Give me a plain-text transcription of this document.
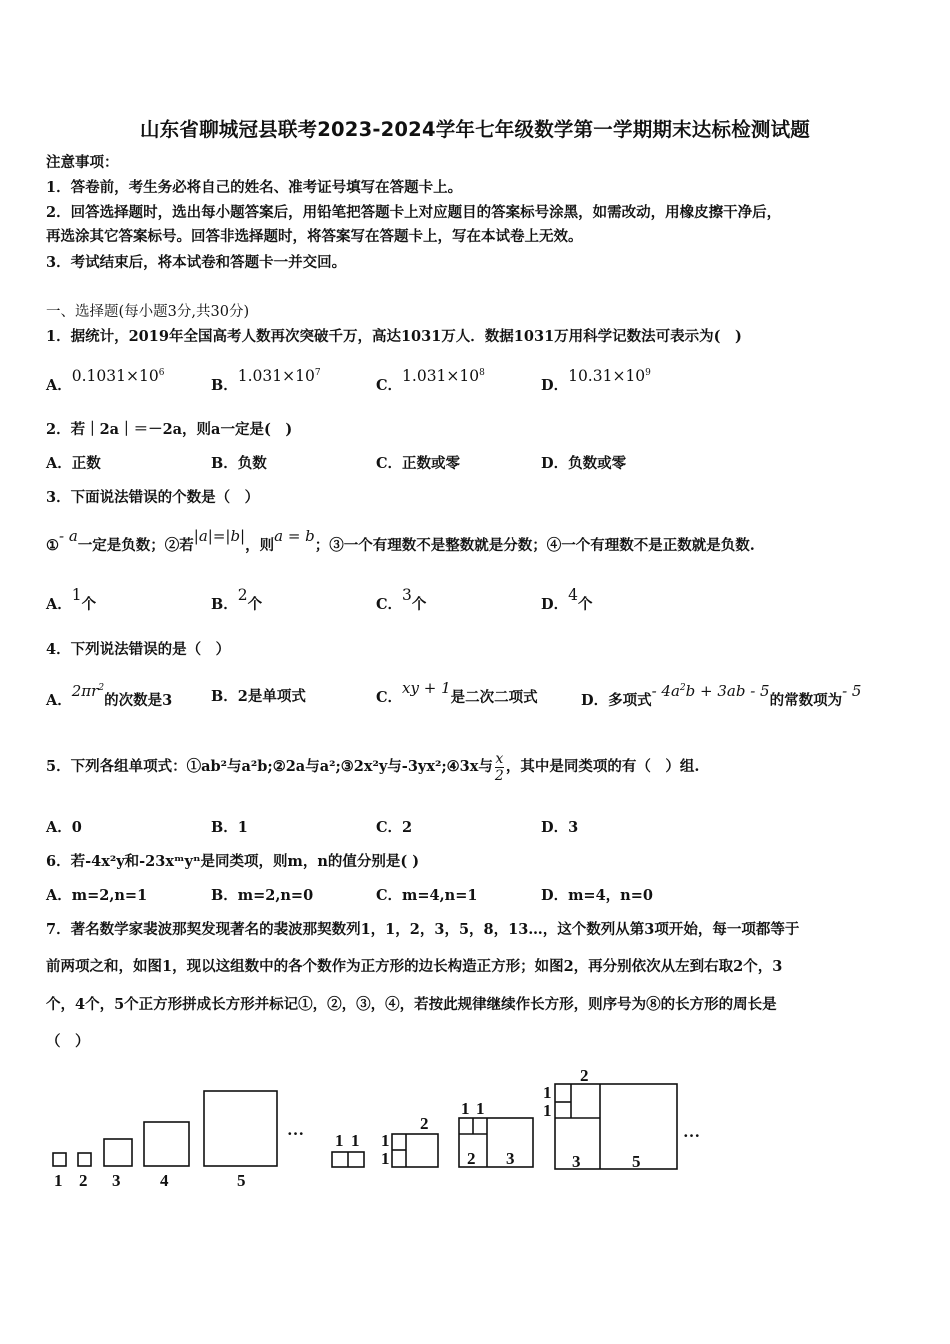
山东省聊城冠县联考2023-2024学年七年级数学第一学期期末达标检测试题
注意事项：
1．答卷前，考生务必将自己的姓名、准考证号填写在答题卡上。
2．回答选择题时，选出每小题答案后，用铅笔把答题卡上对应题目的答案标号涂黑，如需改动，用橡皮擦干净后，
再选涂其它答案标号。回答非选择题时，将答案写在答题卡上，写在本试卷上无效。
3．考试结束后，将本试卷和答题卡一并交回。
一、选择题(每小题3分,共30分)
1．据统计，2019年全国高考人数再次突破千万，高达1031万人．数据1031万用科学记数法可表示为(　)
A．$0.1031\times 10^6$
B．$1.031\times 10^7$
C．$1.031\times 10^8$
D．$10.31\times 10^9$
2．若｜2a｜＝－2a，则a一定是(　)
A．正数	B．负数	C．正数或零	D．负数或零
3．下面说法错误的个数是（　）
①- a一定是负数；②若|a|=|b|，则a = b；③一个有理数不是整数就是分数；④一个有理数不是正数就是负数.
A．1个	B．2个	C．3个	D．4个
4．下列说法错误的是（　）
A．$2\pi r^2$的次数是3	B．2是单项式	C．xy + 1是二次二项式	D．多项式- $4a^2b + 3ab - 5$的常数项为- 5
5．下列各组单项式：①ab²与a²b;②2a与a²;③2x²y与-3yx²;④3x与 $\frac{x}{2}$ ，其中是同类项的有（　）组.
A．0	B．1	C．2	D．3
6．若-4x²y和-23xᵐyⁿ是同类项，则m，n的值分别是( )
A．m=2,n=1	B．m=2,n=0	C．m=4,n=1	D．m=4，n=0
7．著名数学家裴波那契发现著名的裴波那契数列1，1，2，3，5，8，13…，这个数列从第3项开始，每一项都等于
前两项之和，如图1，现以这组数中的各个数作为正方形的边长构造正方形；如图2，再分别依次从左到右取2个，3
个，4个，5个正方形拼成长方形并标记①，②，③，④，若按此规律继续作长方形，则序号为⑧的长方形的周长是
（　）
1 2 3 4	5
…
1 1 1
1
2
1 1
2 3
1
1
2
3	5
…
